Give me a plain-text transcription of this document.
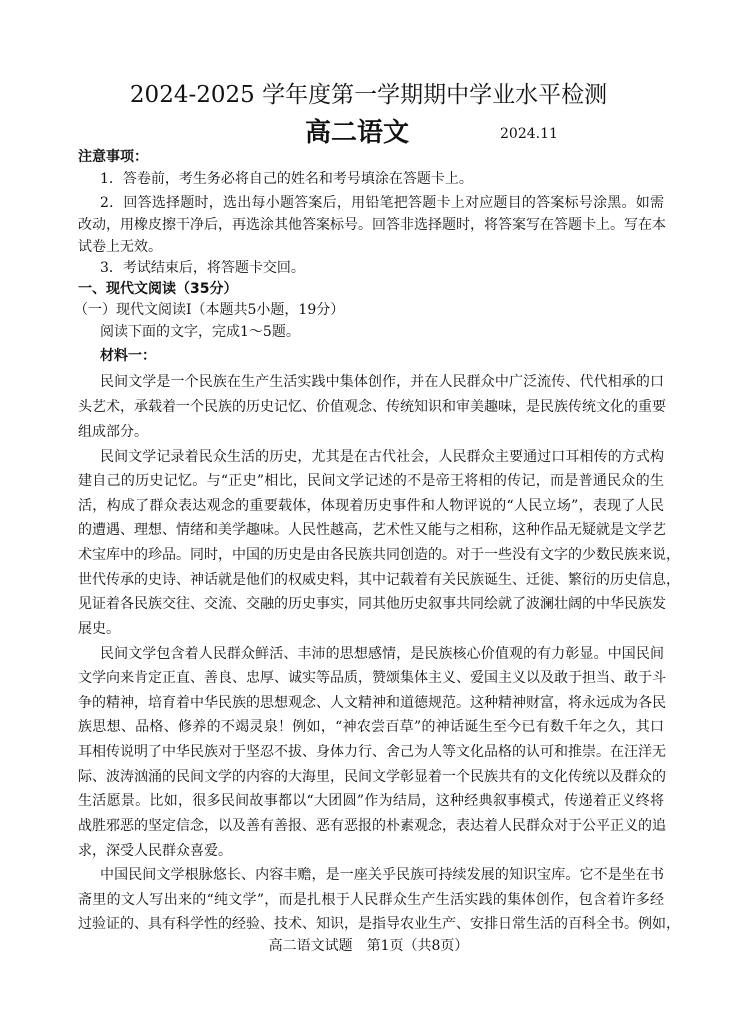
2024-2025 学年度第一学期期中学业水平检测
高二语文	2024.11
注意事项：
1．答卷前，考生务必将自己的姓名和考号填涂在答题卡上。
2．回答选择题时，选出每小题答案后，用铅笔把答题卡上对应题目的答案标号涂黑。如需
改动，用橡皮擦干净后，再选涂其他答案标号。回答非选择题时，将答案写在答题卡上。写在本
试卷上无效。
3．考试结束后，将答题卡交回。
一、现代文阅读（35分）
（一）现代文阅读Ⅰ（本题共5小题，19分）
阅读下面的文字，完成1～5题。
材料一：
民间文学是一个民族在生产生活实践中集体创作，并在人民群众中广泛流传、代代相承的口
头艺术，承载着一个民族的历史记忆、价值观念、传统知识和审美趣味，是民族传统文化的重要
组成部分。
民间文学记录着民众生活的历史，尤其是在古代社会，人民群众主要通过口耳相传的方式构
建自己的历史记忆。与“正史”相比，民间文学记述的不是帝王将相的传记，而是普通民众的生
活，构成了群众表达观念的重要载体，体现着历史事件和人物评说的“人民立场”，表现了人民
的遭遇、理想、情绪和美学趣味。人民性越高，艺术性又能与之相称，这种作品无疑就是文学艺
术宝库中的珍品。同时，中国的历史是由各民族共同创造的。对于一些没有文字的少数民族来说，
世代传承的史诗、神话就是他们的权威史料，其中记载着有关民族诞生、迁徙、繁衍的历史信息，
见证着各民族交往、交流、交融的历史事实，同其他历史叙事共同绘就了波澜壮阔的中华民族发
展史。
民间文学包含着人民群众鲜活、丰沛的思想感情，是民族核心价值观的有力彰显。中国民间
文学向来肯定正直、善良、忠厚、诚实等品质，赞颂集体主义、爱国主义以及敢于担当、敢于斗
争的精神，培育着中华民族的思想观念、人文精神和道德规范。这种精神财富，将永远成为各民
族思想、品格、修养的不竭灵泉！例如，“神农尝百草”的神话诞生至今已有数千年之久，其口
耳相传说明了中华民族对于坚忍不拔、身体力行、舍己为人等文化品格的认可和推崇。在汪洋无
际、波涛汹涌的民间文学的内容的大海里，民间文学彰显着一个民族共有的文化传统以及群众的
生活愿景。比如，很多民间故事都以“大团圆”作为结局，这种经典叙事模式，传递着正义终将
战胜邪恶的坚定信念，以及善有善报、恶有恶报的朴素观念，表达着人民群众对于公平正义的追
求，深受人民群众喜爱。
中国民间文学根脉悠长、内容丰赡，是一座关乎民族可持续发展的知识宝库。它不是坐在书
斋里的文人写出来的“纯文学”，而是扎根于人民群众生产生活实践的集体创作，包含着许多经
过验证的、具有科学性的经验、技术、知识，是指导农业生产、安排日常生活的百科全书。例如，
高二语文试题　第1页（共8页）
